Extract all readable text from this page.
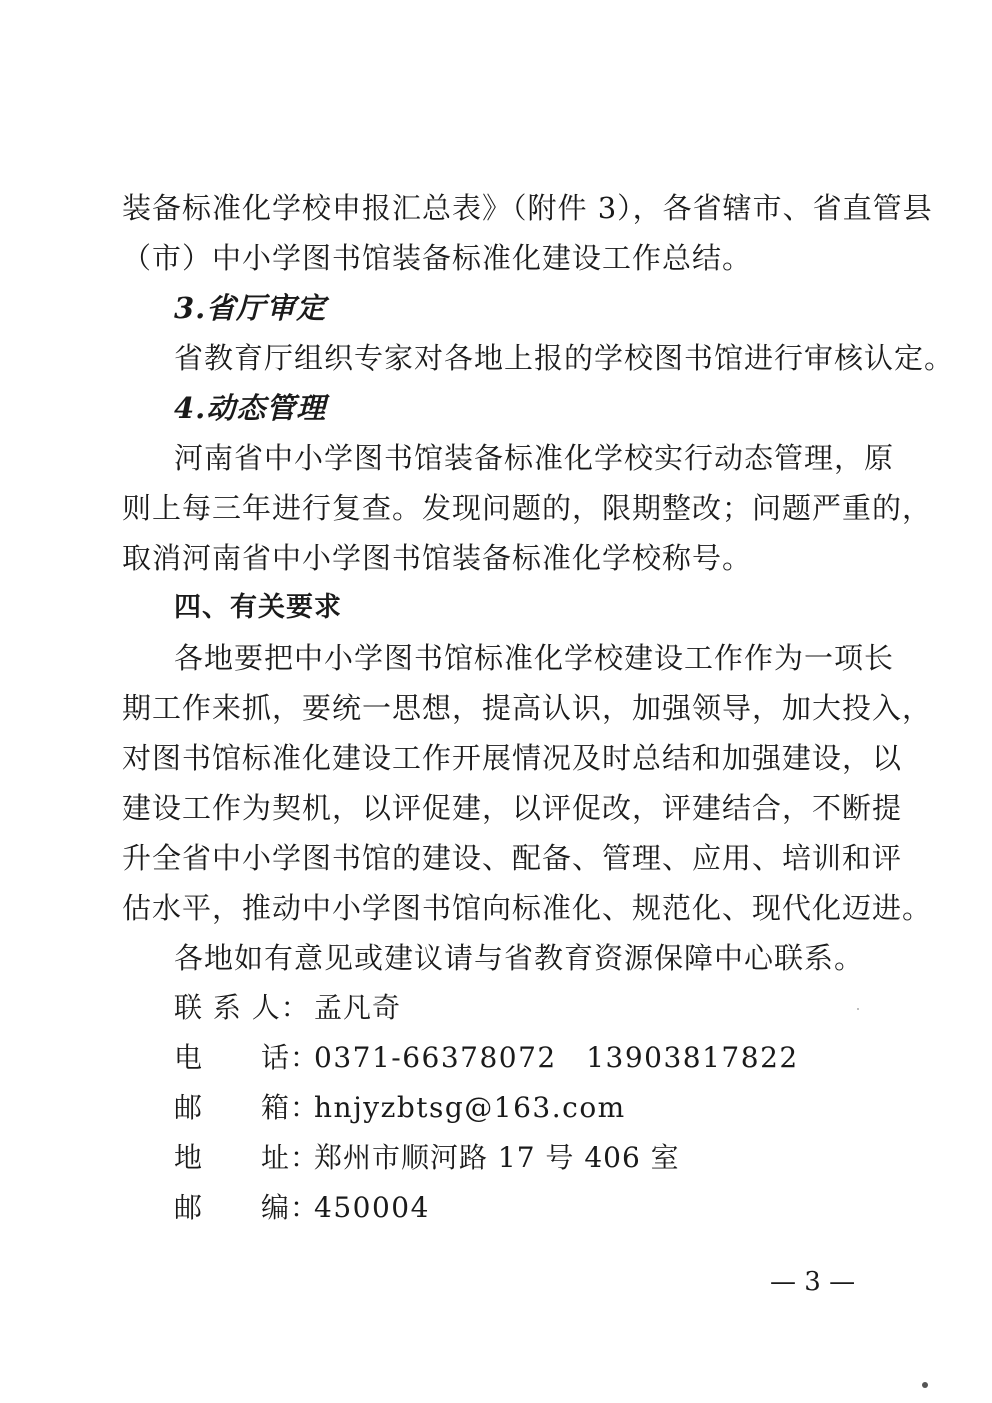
装备标准化学校申报汇总表》（附件 3），各省辖市、省直管县
（市）中小学图书馆装备标准化建设工作总结。
3.省厅审定
省教育厅组织专家对各地上报的学校图书馆进行审核认定。
4.动态管理
河南省中小学图书馆装备标准化学校实行动态管理，原
则上每三年进行复查。发现问题的，限期整改；问题严重的，
取消河南省中小学图书馆装备标准化学校称号。
四、有关要求
各地要把中小学图书馆标准化学校建设工作作为一项长
期工作来抓，要统一思想，提高认识，加强领导，加大投入，
对图书馆标准化建设工作开展情况及时总结和加强建设，以
建设工作为契机，以评促建，以评促改，评建结合，不断提
升全省中小学图书馆的建设、配备、管理、应用、培训和评
估水平，推动中小学图书馆向标准化、规范化、现代化迈进。
各地如有意见或建议请与省教育资源保障中心联系。
联 系 人： 孟凡奇
电　　话：
0371-66378072　13903817822
邮　　箱：
hnjyzbtsg@163.com
地　　址：
郑州市顺河路 17 号 406 室
邮　　编：
450004
— 3 —
